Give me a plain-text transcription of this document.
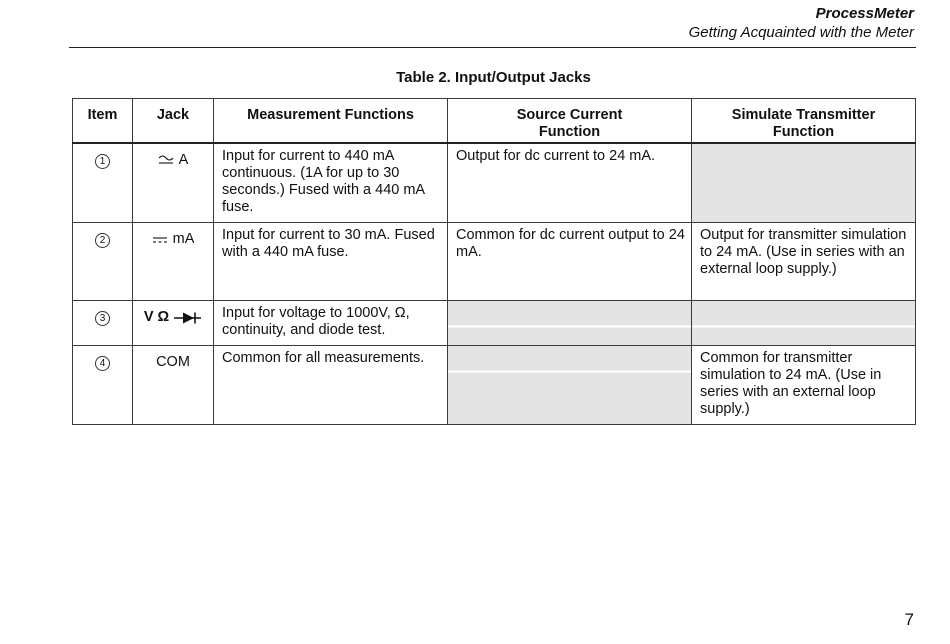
ProcessMeter
Getting Acquainted with the Meter
Table 2. Input/Output Jacks
Item	Jack	Measurement Functions	Source Current Function	Simulate Transmitter Function

1	A	Input for current to 440 mA continuous. (1A for up to 30 seconds.) Fused with a 440 mA fuse.	Output for dc current to 24 mA.	
2	mA	Input for current to 30 mA. Fused with a 440 mA fuse.	Common for dc current output to 24 mA.	Output for transmitter simulation to 24 mA. (Use in series with an external loop supply.)
3	V Ω	Input for voltage to 1000V, Ω, continuity, and diode test.		
4	COM	Common for all measurements.		Common for transmitter simulation to 24 mA. (Use in series with an external loop supply.)
7
